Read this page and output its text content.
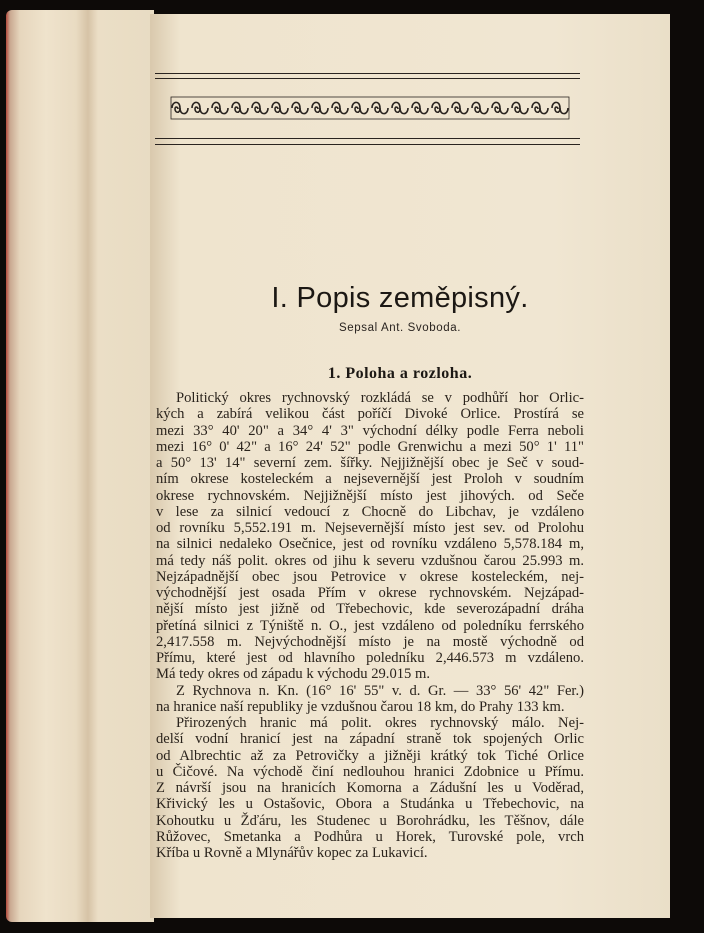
I. Popis zeměpisný.
Sepsal Ant. Svoboda.
1. Poloha a rozloha.
Politický okres rychnovský rozkládá se v podhůří hor Orlic-
kých a zabírá velikou část poříčí Divoké Orlice. Prostírá se
mezi 33° 40' 20" a 34° 4' 3" východní délky podle Ferra neboli
mezi 16° 0' 42" a 16° 24' 52" podle Grenwichu a mezi 50° 1' 11"
a 50° 13' 14" severní zem. šířky. Nejjižnější obec je Seč v soud-
ním okrese kosteleckém a nejsevernější jest Proloh v soudním
okrese rychnovském. Nejjižnější místo jest jihových. od Seče
v lese za silnicí vedoucí z Chocně do Libchav, je vzdáleno
od rovníku 5,552.191 m. Nejsevernější místo jest sev. od Prolohu
na silnici nedaleko Osečnice, jest od rovníku vzdáleno 5,578.184 m,
má tedy náš polit. okres od jihu k severu vzdušnou čarou 25.993 m.
Nejzápadnější obec jsou Petrovice v okrese kosteleckém, nej-
východnější jest osada Přím v okrese rychnovském. Nejzápad-
nější místo jest jižně od Třebechovic, kde severozápadní dráha
přetíná silnici z Týniště n. O., jest vzdáleno od poledníku ferrského
2,417.558 m. Nejvýchodnější místo je na mostě východně od
Přímu, které jest od hlavního poledníku 2,446.573 m vzdáleno.
Má tedy okres od západu k východu 29.015 m.
Z Rychnova n. Kn. (16° 16' 55" v. d. Gr. — 33° 56' 42" Fer.)
na hranice naší republiky je vzdušnou čarou 18 km, do Prahy 133 km.
Přirozených hranic má polit. okres rychnovský málo. Nej-
delší vodní hranicí jest na západní straně tok spojených Orlic
od Albrechtic až za Petrovičky a jižněji krátký tok Tiché Orlice
u Čičové. Na východě činí nedlouhou hranici Zdobnice u Přímu.
Z návrší jsou na hranicích Komorna a Zádušní les u Voděrad,
Křivický les u Ostašovic, Obora a Studánka u Třebechovic, na
Kohoutku u Žďáru, les Studenec u Borohrádku, les Těšnov, dále
Růžovec, Smetanka a Podhůra u Horek, Turovské pole, vrch
Kříba u Rovně a Mlynářův kopec za Lukavicí.
